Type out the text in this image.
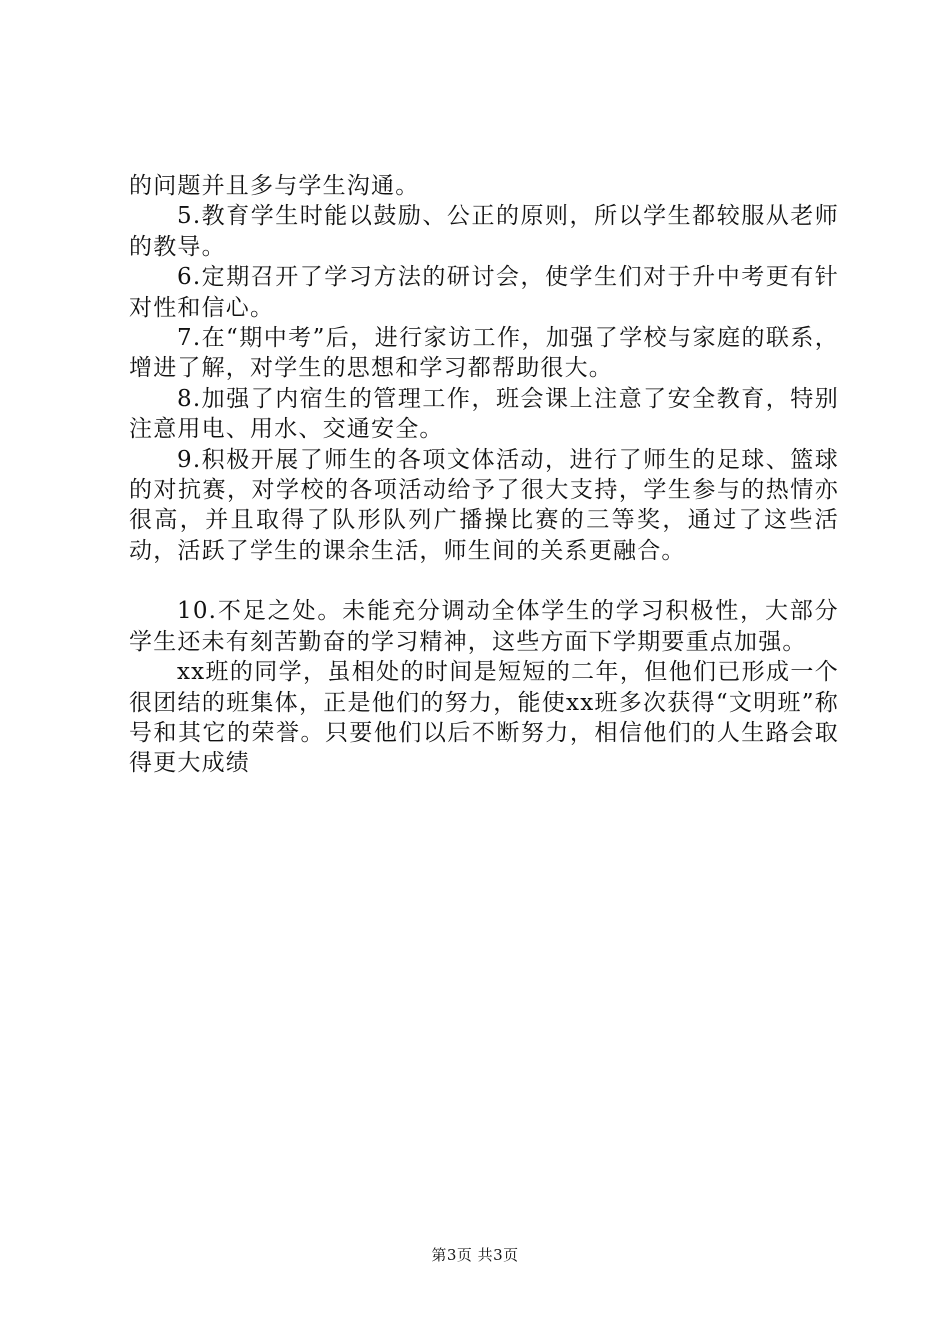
的问题并且多与学生沟通。

5.教育学生时能以鼓励、公正的原则，所以学生都较服从老师的教导。

6.定期召开了学习方法的研讨会，使学生们对于升中考更有针对性和信心。

7.在“期中考”后，进行家访工作，加强了学校与家庭的联系，增进了解，对学生的思想和学习都帮助很大。

8.加强了内宿生的管理工作，班会课上注意了安全教育，特别注意用电、用水、交通安全。

9.积极开展了师生的各项文体活动，进行了师生的足球、篮球的对抗赛，对学校的各项活动给予了很大支持，学生参与的热情亦很高，并且取得了队形队列广播操比赛的三等奖，通过了这些活动，活跃了学生的课余生活，师生间的关系更融合。

10.不足之处。未能充分调动全体学生的学习积极性，大部分学生还未有刻苦勤奋的学习精神，这些方面下学期要重点加强。

xx班的同学，虽相处的时间是短短的二年，但他们已形成一个很团结的班集体，正是他们的努力，能使xx班多次获得“文明班”称号和其它的荣誉。只要他们以后不断努力，相信他们的人生路会取得更大成绩

第3页 共3页
